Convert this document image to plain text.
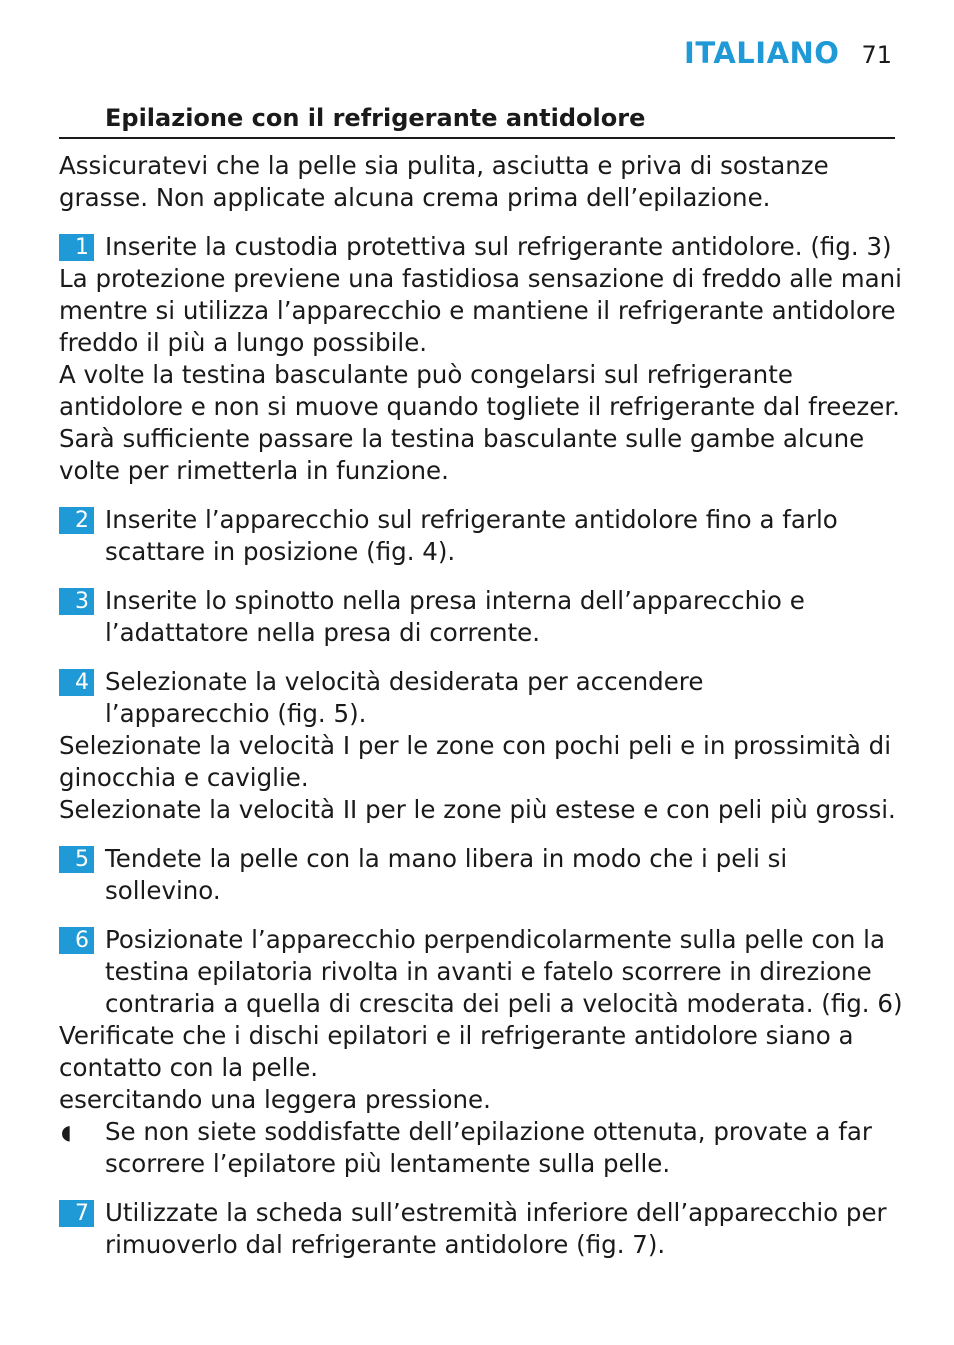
ITALIANO 71
Epilazione con il refrigerante antidolore

Assicuratevi che la pelle sia pulita, asciutta e priva di sostanze grasse. Non applicate alcuna crema prima dell’epilazione.

1 Inserite la custodia protettiva sul refrigerante antidolore. (fig. 3)

La protezione previene una fastidiosa sensazione di freddo alle mani mentre si utilizza l’apparecchio e mantiene il refrigerante antidolore freddo il più a lungo possibile.

A volte la testina basculante può congelarsi sul refrigerante antidolore e non si muove quando togliete il refrigerante dal freezer. Sarà sufficiente passare la testina basculante sulle gambe alcune volte per rimetterla in funzione.

2 Inserite l’apparecchio sul refrigerante antidolore fino a farlo scattare in posizione (fig. 4).
3 Inserite lo spinotto nella presa interna dell’apparecchio e l’adattatore nella presa di corrente.
4 Selezionate la velocità desiderata per accendere l’apparecchio (fig. 5).

Selezionate la velocità I per le zone con pochi peli e in prossimità di ginocchia e caviglie.

Selezionate la velocità II per le zone più estese e con peli più grossi.

5 Tendete la pelle con la mano libera in modo che i peli si sollevino.
6 Posizionate l’apparecchio perpendicolarmente sulla pelle con la testina epilatoria rivolta in avanti e fatelo scorrere in direzione contraria a quella di crescita dei peli a velocità moderata. (fig. 6)

Verificate che i dischi epilatori e il refrigerante antidolore siano a contatto con la pelle.

esercitando una leggera pressione.

◖ Se non siete soddisfatte dell’epilazione ottenuta, provate a far scorrere l’epilatore più lentamente sulla pelle.
7 Utilizzate la scheda sull’estremità inferiore dell’apparecchio per rimuoverlo dal refrigerante antidolore (fig. 7).
